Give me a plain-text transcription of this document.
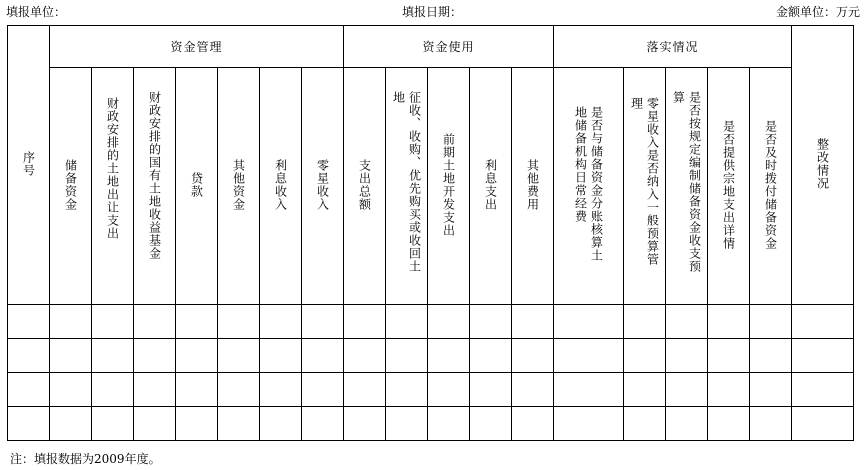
填报单位：	填报日期：	金额单位：万元
序号	资金管理							资金使用					落实情况					整改情况
	储备资金	财政安排的土地出让支出	财政安排的国有土地收益基金	贷款	其他资金	利息收入	零星收入	支出总额	征收、收购、优先购买或收回土地	前期土地开发支出	利息支出	其他费用	是否与储备资金分账核算土地储备机构日常经费	零星收入是否纳入一般预算管理	是否按规定编制储备资金收支预算	是否提供宗地支出详情	是否及时拨付储备资金	

注：填报数据为2009年度。
